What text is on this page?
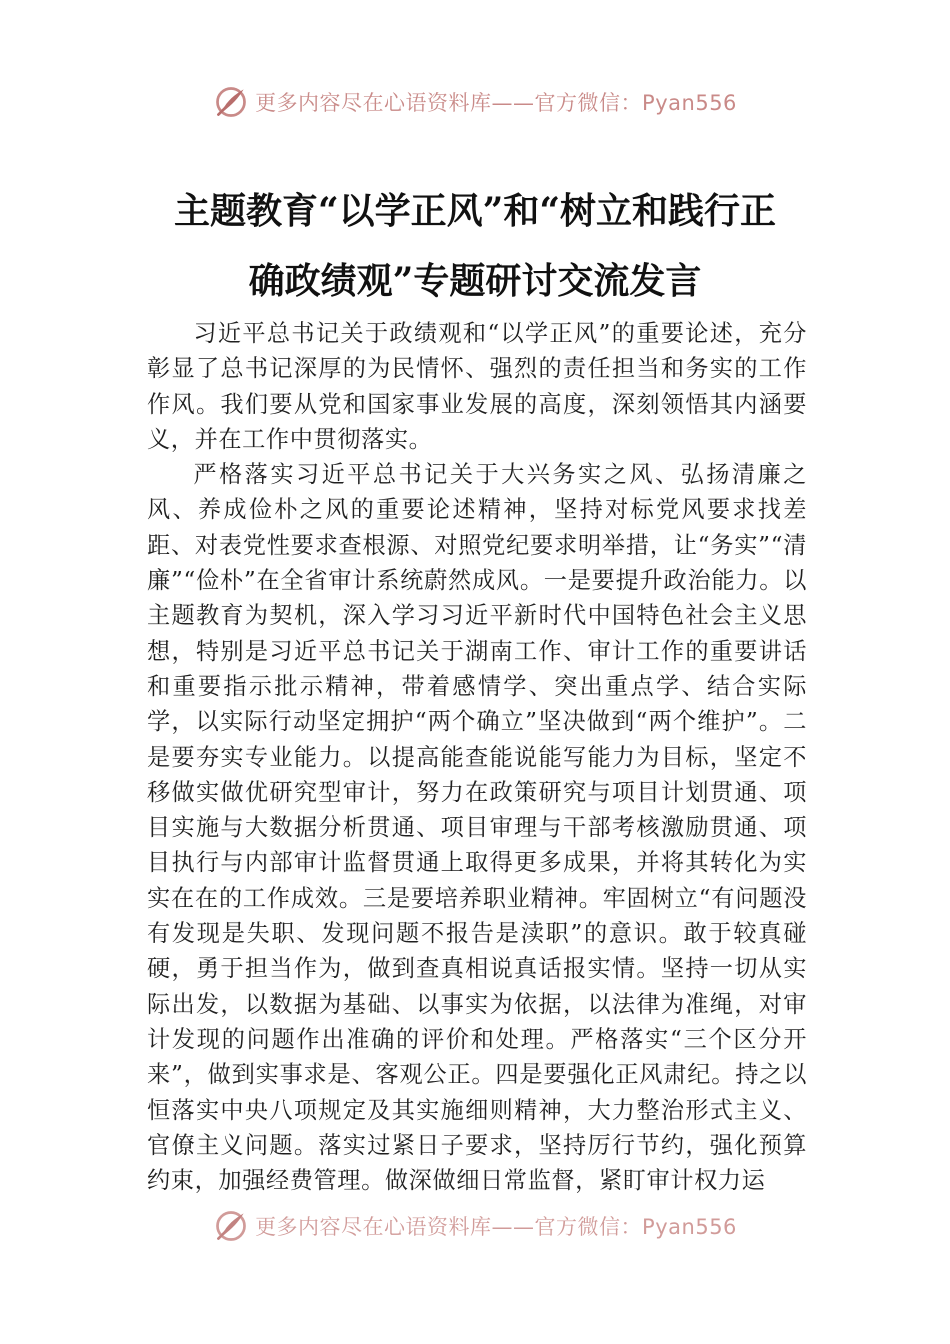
更多内容尽在心语资料库——官方微信：Pyan556
主题教育“以学正风”和“树立和践行正
确政绩观”专题研讨交流发言

习近平总书记关于政绩观和“以学正风”的重要论述，充分彰显了总书记深厚的为民情怀、强烈的责任担当和务实的工作作风。我们要从党和国家事业发展的高度，深刻领悟其内涵要义，并在工作中贯彻落实。

严格落实习近平总书记关于大兴务实之风、弘扬清廉之风、养成俭朴之风的重要论述精神，坚持对标党风要求找差距、对表党性要求查根源、对照党纪要求明举措，让“务实”“清廉”“俭朴”在全省审计系统蔚然成风。一是要提升政治能力。以主题教育为契机，深入学习习近平新时代中国特色社会主义思想，特别是习近平总书记关于湖南工作、审计工作的重要讲话和重要指示批示精神，带着感情学、突出重点学、结合实际学，以实际行动坚定拥护“两个确立”坚决做到“两个维护”。二是要夯实专业能力。以提高能查能说能写能力为目标，坚定不移做实做优研究型审计，努力在政策研究与项目计划贯通、项目实施与大数据分析贯通、项目审理与干部考核激励贯通、项目执行与内部审计监督贯通上取得更多成果，并将其转化为实实在在的工作成效。三是要培养职业精神。牢固树立“有问题没有发现是失职、发现问题不报告是渎职”的意识。敢于较真碰硬，勇于担当作为，做到查真相说真话报实情。坚持一切从实际出发，以数据为基础、以事实为依据，以法律为准绳，对审计发现的问题作出准确的评价和处理。严格落实“三个区分开来”，做到实事求是、客观公正。四是要强化正风肃纪。持之以恒落实中央八项规定及其实施细则精神，大力整治形式主义、官僚主义问题。落实过紧日子要求，坚持厉行节约，强化预算约束，加强经费管理。做深做细日常监督，紧盯审计权力运

更多内容尽在心语资料库——官方微信：Pyan556
